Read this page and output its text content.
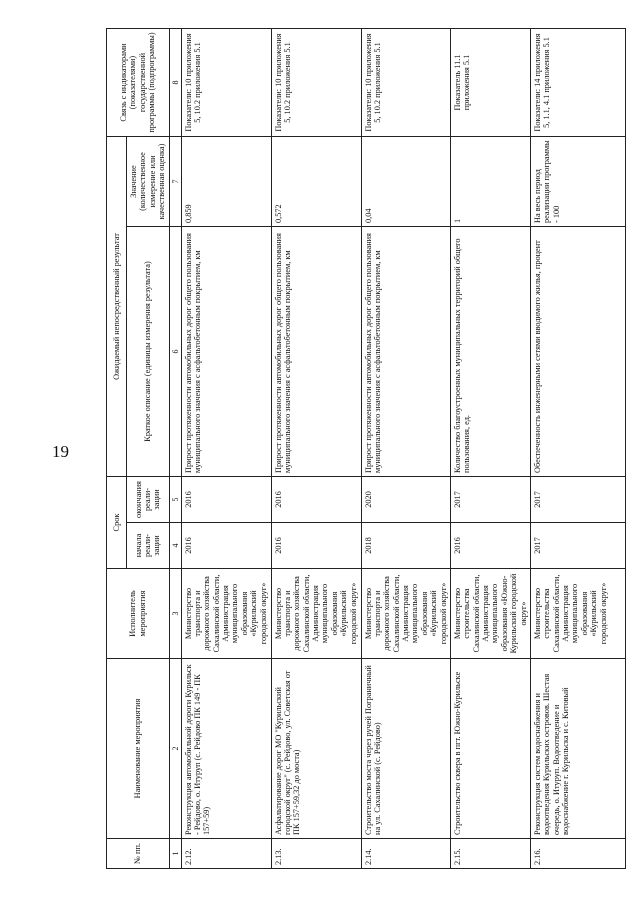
19
№ пп.	Наименование мероприятия	Исполнитель мероприятия	Срок		Ожидаемый непосредственный результат		Связь с индикаторами (показателями) государственной программы (подпрограммы)
			начала реали-зации	окончания реали-зации	Краткое описание (единицы измерения результата)	Значение (количественное измерение или качественная оценка)	

1	2	3	4	5	6	7	8
2.12.	Реконструкция автомобильной дороги Курильск - Рейдово, о. Итуруп (с. Рейдово ПК 149 - ПК 157+59)	Министерство транспорта и дорожного хозяйства Сахалинской области, Администрация муниципального образования «Курильский городской округ»	2016	2016	Прирост протяженности автомобильных дорог общего пользования муниципального значения с асфальтобетонным покрытием, км	0,859	Показатели: 10 приложения 5, 10.2 приложения 5.1
2.13.	Асфальтирование дорог МО "Курильский городской округ" (с. Рейдово, ул. Советская от ПК 157+59,32 до моста)	Министерство транспорта и дорожного хозяйства Сахалинской области, Администрация муниципального образования «Курильский городской округ»	2016	2016	Прирост протяженности автомобильных дорог общего пользования муниципального значения с асфальтобетонным покрытием, км	0,572	Показатели: 10 приложения 5, 10.2 приложения 5.1
2.14.	Строительство моста через ручей Пограничный на ул. Сахалинской (с. Рейдово)	Министерство транспорта и дорожного хозяйства Сахалинской области, Администрация муниципального образования «Курильский городской округ»	2018	2020	Прирост протяженности автомобильных дорог общего пользования муниципального значения с асфальтобетонным покрытием, км	0,04	Показатели: 10 приложения 5, 10.2 приложения 5.1
2.15.	Строительство сквера в пгт. Южно-Курильске	Министерство строительства Сахалинской области, Администрация муниципального образования «Южно-Курильский городской округ»	2016	2017	Количество благоустроенных муниципальных территорий общего пользования, ед.	1	Показатель 11.1 приложения 5.1
2.16.	Реконструкция систем водоснабжения и водоотведения Курильских островов. Шестая очередь, о. Итуруп. Водоотведение и водоснабжение г. Курильска и с. Китовый	Министерство строительства Сахалинской области, Администрация муниципального образования «Курильский городской округ»	2017	2017	Обеспеченность инженерными сетями вводимого жилья, процент	На весь период реализации программы - 100	Показатели: 14 приложения 5, 1.1, 4.1 приложения 5.1
